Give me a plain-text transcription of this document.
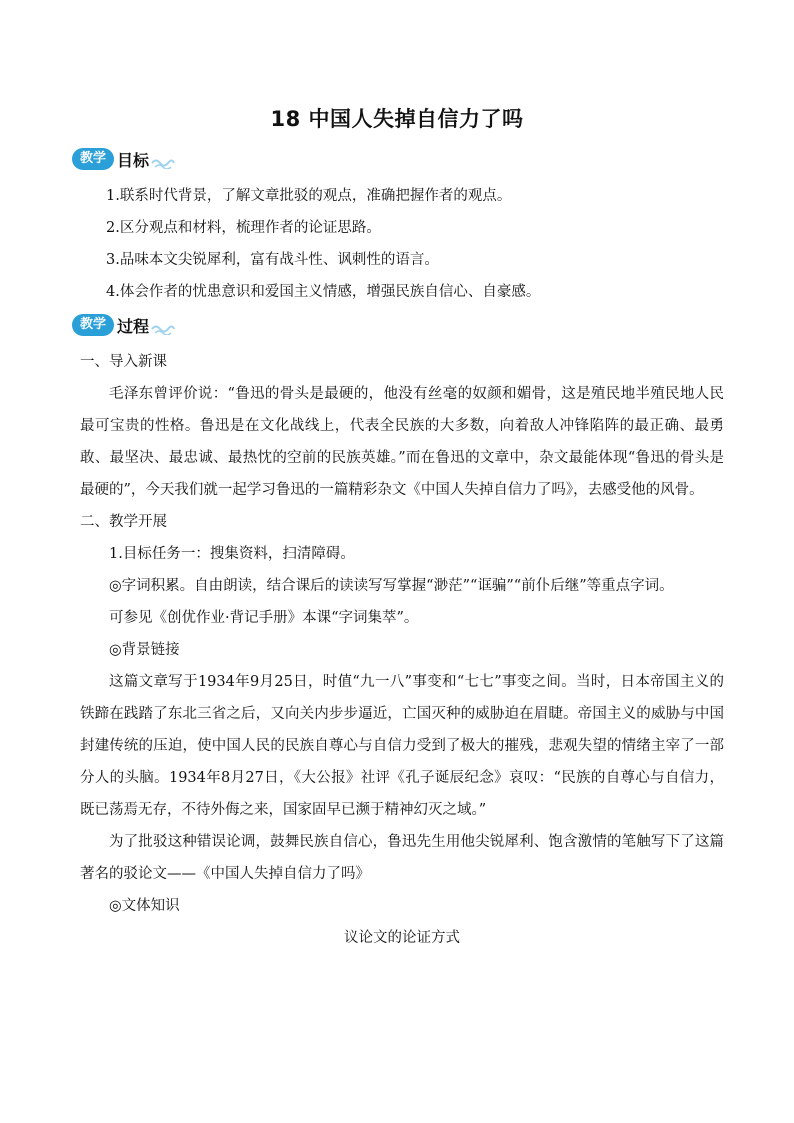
18 中国人失掉自信力了吗
教学 目标
1.联系时代背景，了解文章批驳的观点，准确把握作者的观点。
2.区分观点和材料，梳理作者的论证思路。
3.品味本文尖锐犀利，富有战斗性、讽刺性的语言。
4.体会作者的忧患意识和爱国主义情感，增强民族自信心、自豪感。
教学 过程

一、导入新课

毛泽东曾评价说：“鲁迅的骨头是最硬的，他没有丝毫的奴颜和媚骨，这是殖民地半殖民地人民最可宝贵的性格。鲁迅是在文化战线上，代表全民族的大多数，向着敌人冲锋陷阵的最正确、最勇敢、最坚决、最忠诚、最热忱的空前的民族英雄。”而在鲁迅的文章中，杂文最能体现“鲁迅的骨头是最硬的”，今天我们就一起学习鲁迅的一篇精彩杂文《中国人失掉自信力了吗》，去感受他的风骨。

二、教学开展

1.目标任务一：搜集资料，扫清障碍。

◎字词积累。自由朗读，结合课后的读读写写掌握“渺茫”“诓骗”“前仆后继”等重点字词。

可参见《创优作业·背记手册》本课“字词集萃”。

◎背景链接

这篇文章写于1934年9月25日，时值“九一八”事变和“七七”事变之间。当时，日本帝国主义的铁蹄在践踏了东北三省之后，又向关内步步逼近，亡国灭种的威胁迫在眉睫。帝国主义的威胁与中国封建传统的压迫，使中国人民的民族自尊心与自信力受到了极大的摧残，悲观失望的情绪主宰了一部分人的头脑。1934年8月27日，《大公报》社评《孔子诞辰纪念》哀叹：“民族的自尊心与自信力，既已荡焉无存，不待外侮之来，国家固早已濒于精神幻灭之域。”

为了批驳这种错误论调，鼓舞民族自信心，鲁迅先生用他尖锐犀利、饱含激情的笔触写下了这篇著名的驳论文——《中国人失掉自信力了吗》

◎文体知识

议论文的论证方式
